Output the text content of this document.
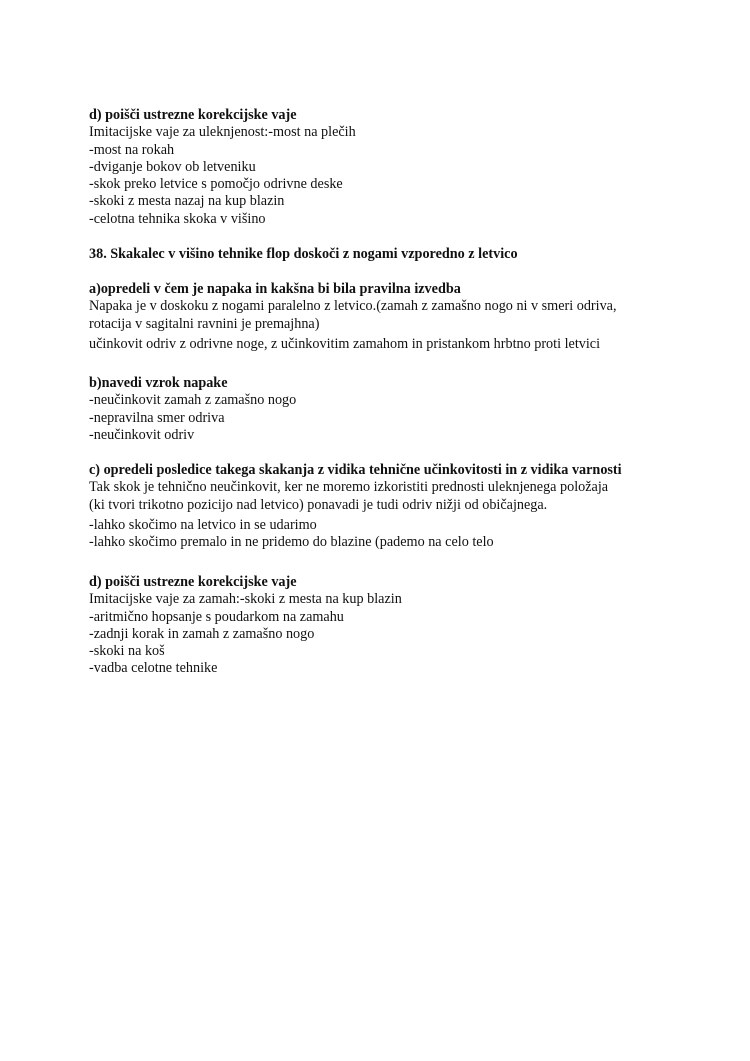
d) poišči ustrezne korekcijske vaje
Imitacijske vaje za uleknjenost:-most na plečih
-most na rokah
-dviganje bokov ob letveniku
-skok preko letvice s pomočjo odrivne deske
-skoki z mesta nazaj na kup blazin
-celotna tehnika skoka v višino
38. Skakalec v višino tehnike flop doskoči z nogami vzporedno z letvico
a)opredeli v čem je napaka in kakšna bi bila pravilna izvedba
Napaka je v doskoku z nogami paralelno z letvico.(zamah z zamašno nogo ni v smeri odriva,
rotacija v sagitalni ravnini je premajhna)
učinkovit odriv z odrivne noge, z učinkovitim zamahom in pristankom hrbtno proti letvici
b)navedi vzrok napake
-neučinkovit zamah z zamašno nogo
-nepravilna smer odriva
-neučinkovit odriv
c) opredeli posledice takega skakanja z vidika tehnične učinkovitosti in z vidika varnosti
Tak skok je tehnično neučinkovit, ker ne moremo izkoristiti prednosti uleknjenega položaja
(ki tvori trikotno pozicijo nad letvico) ponavadi je tudi odriv nižji od običajnega.
-lahko skočimo na letvico in se udarimo
-lahko skočimo premalo in ne pridemo do blazine (pademo na celo telo
d) poišči ustrezne korekcijske vaje
Imitacijske vaje za zamah:-skoki z mesta na kup blazin
-aritmično hopsanje s poudarkom na zamahu
-zadnji korak in zamah z zamašno nogo
-skoki na koš
-vadba celotne tehnike
